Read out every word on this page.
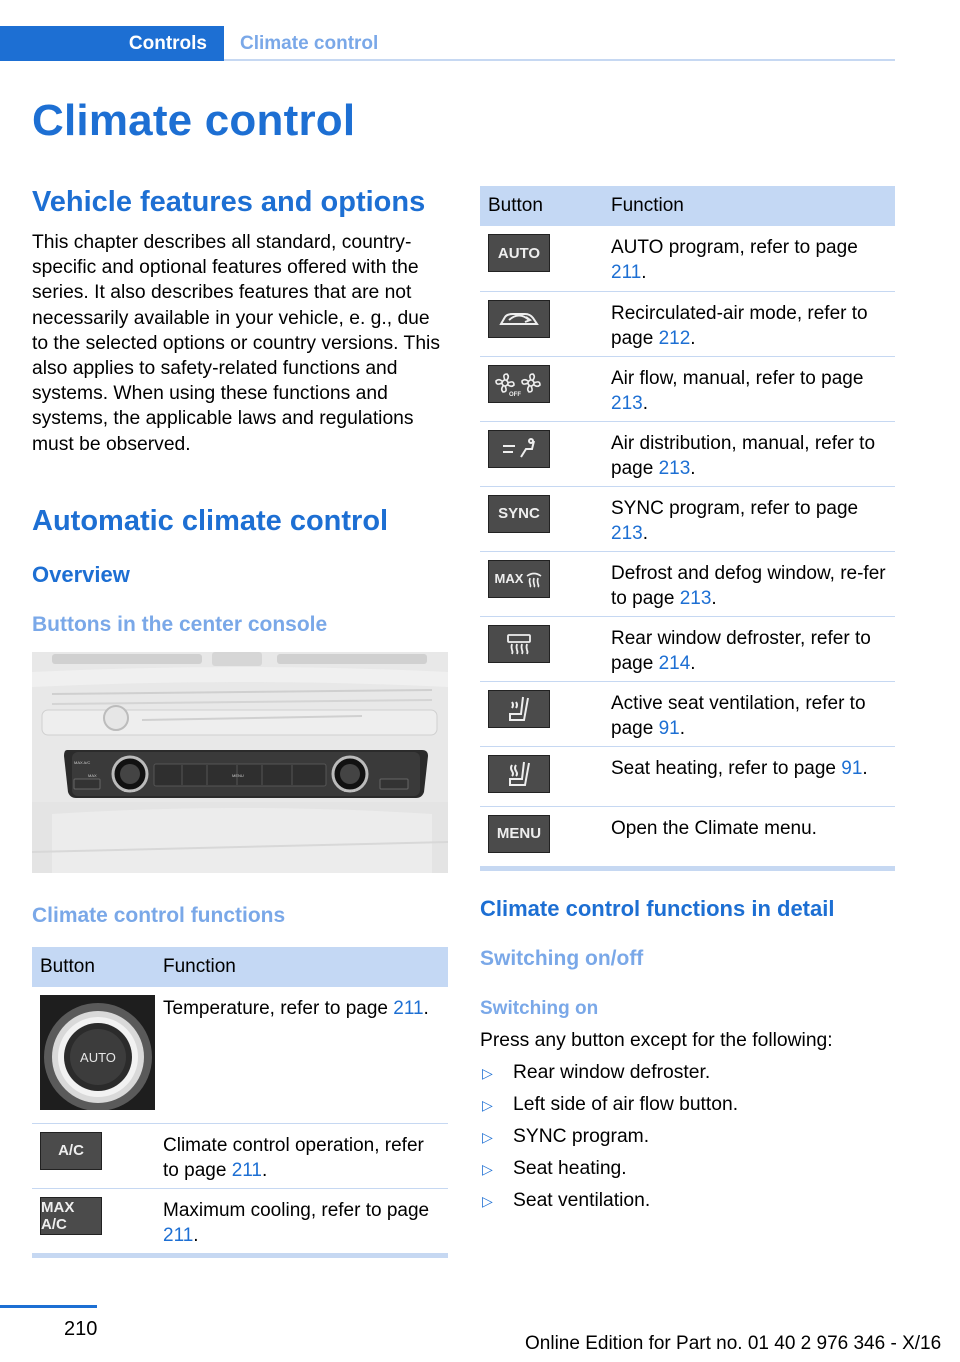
Controls Climate control
Climate control
Vehicle features and options

This chapter describes all standard, country-specific and optional features offered with the series. It also describes features that are not necessarily available in your vehicle, e. g., due to the selected options or country versions. This also applies to safety-related functions and systems. When using these functions and systems, the applicable laws and regulations must be observed.

Automatic climate control
Overview
Buttons in the center console
MAX A/C
MAX
AUTO	AUTO
MENU
Climate control functions
Button	Function

AUTO	Temperature, refer to page 211.

A/C	Climate control operation, refer to page 211.

MAX A/C	Maximum cooling, refer to page 211.
Button	Function

AUTO	AUTO program, refer to page 211.

	Recirculated-air mode, refer to page 212.

OFF	Air flow, manual, refer to page 213.

	Air distribution, manual, refer to page 213.

SYNC	SYNC program, refer to page 213.

MAX	Defrost and defog window, re-fer to page 213.

	Rear window defroster, refer to page 214.

	Active seat ventilation, refer to page 91.

	Seat heating, refer to page 91.

MENU	Open the Climate menu.
Climate control functions in detail
Switching on/off
Switching on

Press any button except for the following:

▷ Rear window defroster.
▷ Left side of air flow button.
▷ SYNC program.
▷ Seat heating.
▷ Seat ventilation.
210
Online Edition for Part no. 01 40 2 976 346 - X/16
